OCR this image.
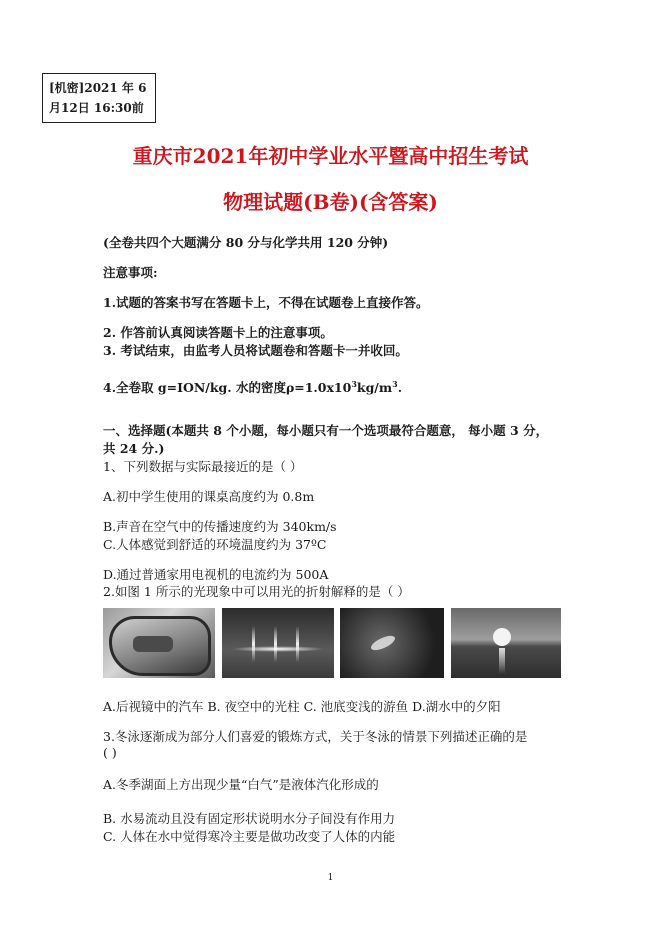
[机密]2021 年 6
月12日 16:30前
重庆市2021年初中学业水平暨高中招生考试
物理试题(B卷)(含答案)
(全卷共四个大题满分 80 分与化学共用 120 分钟)
注意事项:
1.试题的答案书写在答题卡上，不得在试题卷上直接作答。
2. 作答前认真阅读答题卡上的注意事项。
3. 考试结束，由监考人员将试题卷和答题卡一并收回。
4.全卷取 g=ION/kg. 水的密度$\rho=1.0x10^3kg/m^3$.
一、选择题(本题共 8 个小题，每小题只有一个选项最符合题意， 每小题 3 分，
共 24 分.)
1、下列数据与实际最接近的是（ ）
A.初中学生使用的课桌高度约为 0.8m
B.声音在空气中的传播速度约为 340km/s
C.人体感觉到舒适的环境温度约为 37ºC
D.通过普通家用电视机的电流约为 500A
2.如图 1 所示的光现象中可以用光的折射解释的是（ ）
A.后视镜中的汽车 B. 夜空中的光柱 C. 池底变浅的游鱼 D.湖水中的夕阳
3.冬泳逐渐成为部分人们喜爱的锻炼方式，关于冬泳的情景下列描述正确的是
( )
A.冬季湖面上方出现少量“白气”是液体汽化形成的
B. 水易流动且没有固定形状说明水分子间没有作用力
C. 人体在水中觉得寒冷主要是做功改变了人体的内能
1
